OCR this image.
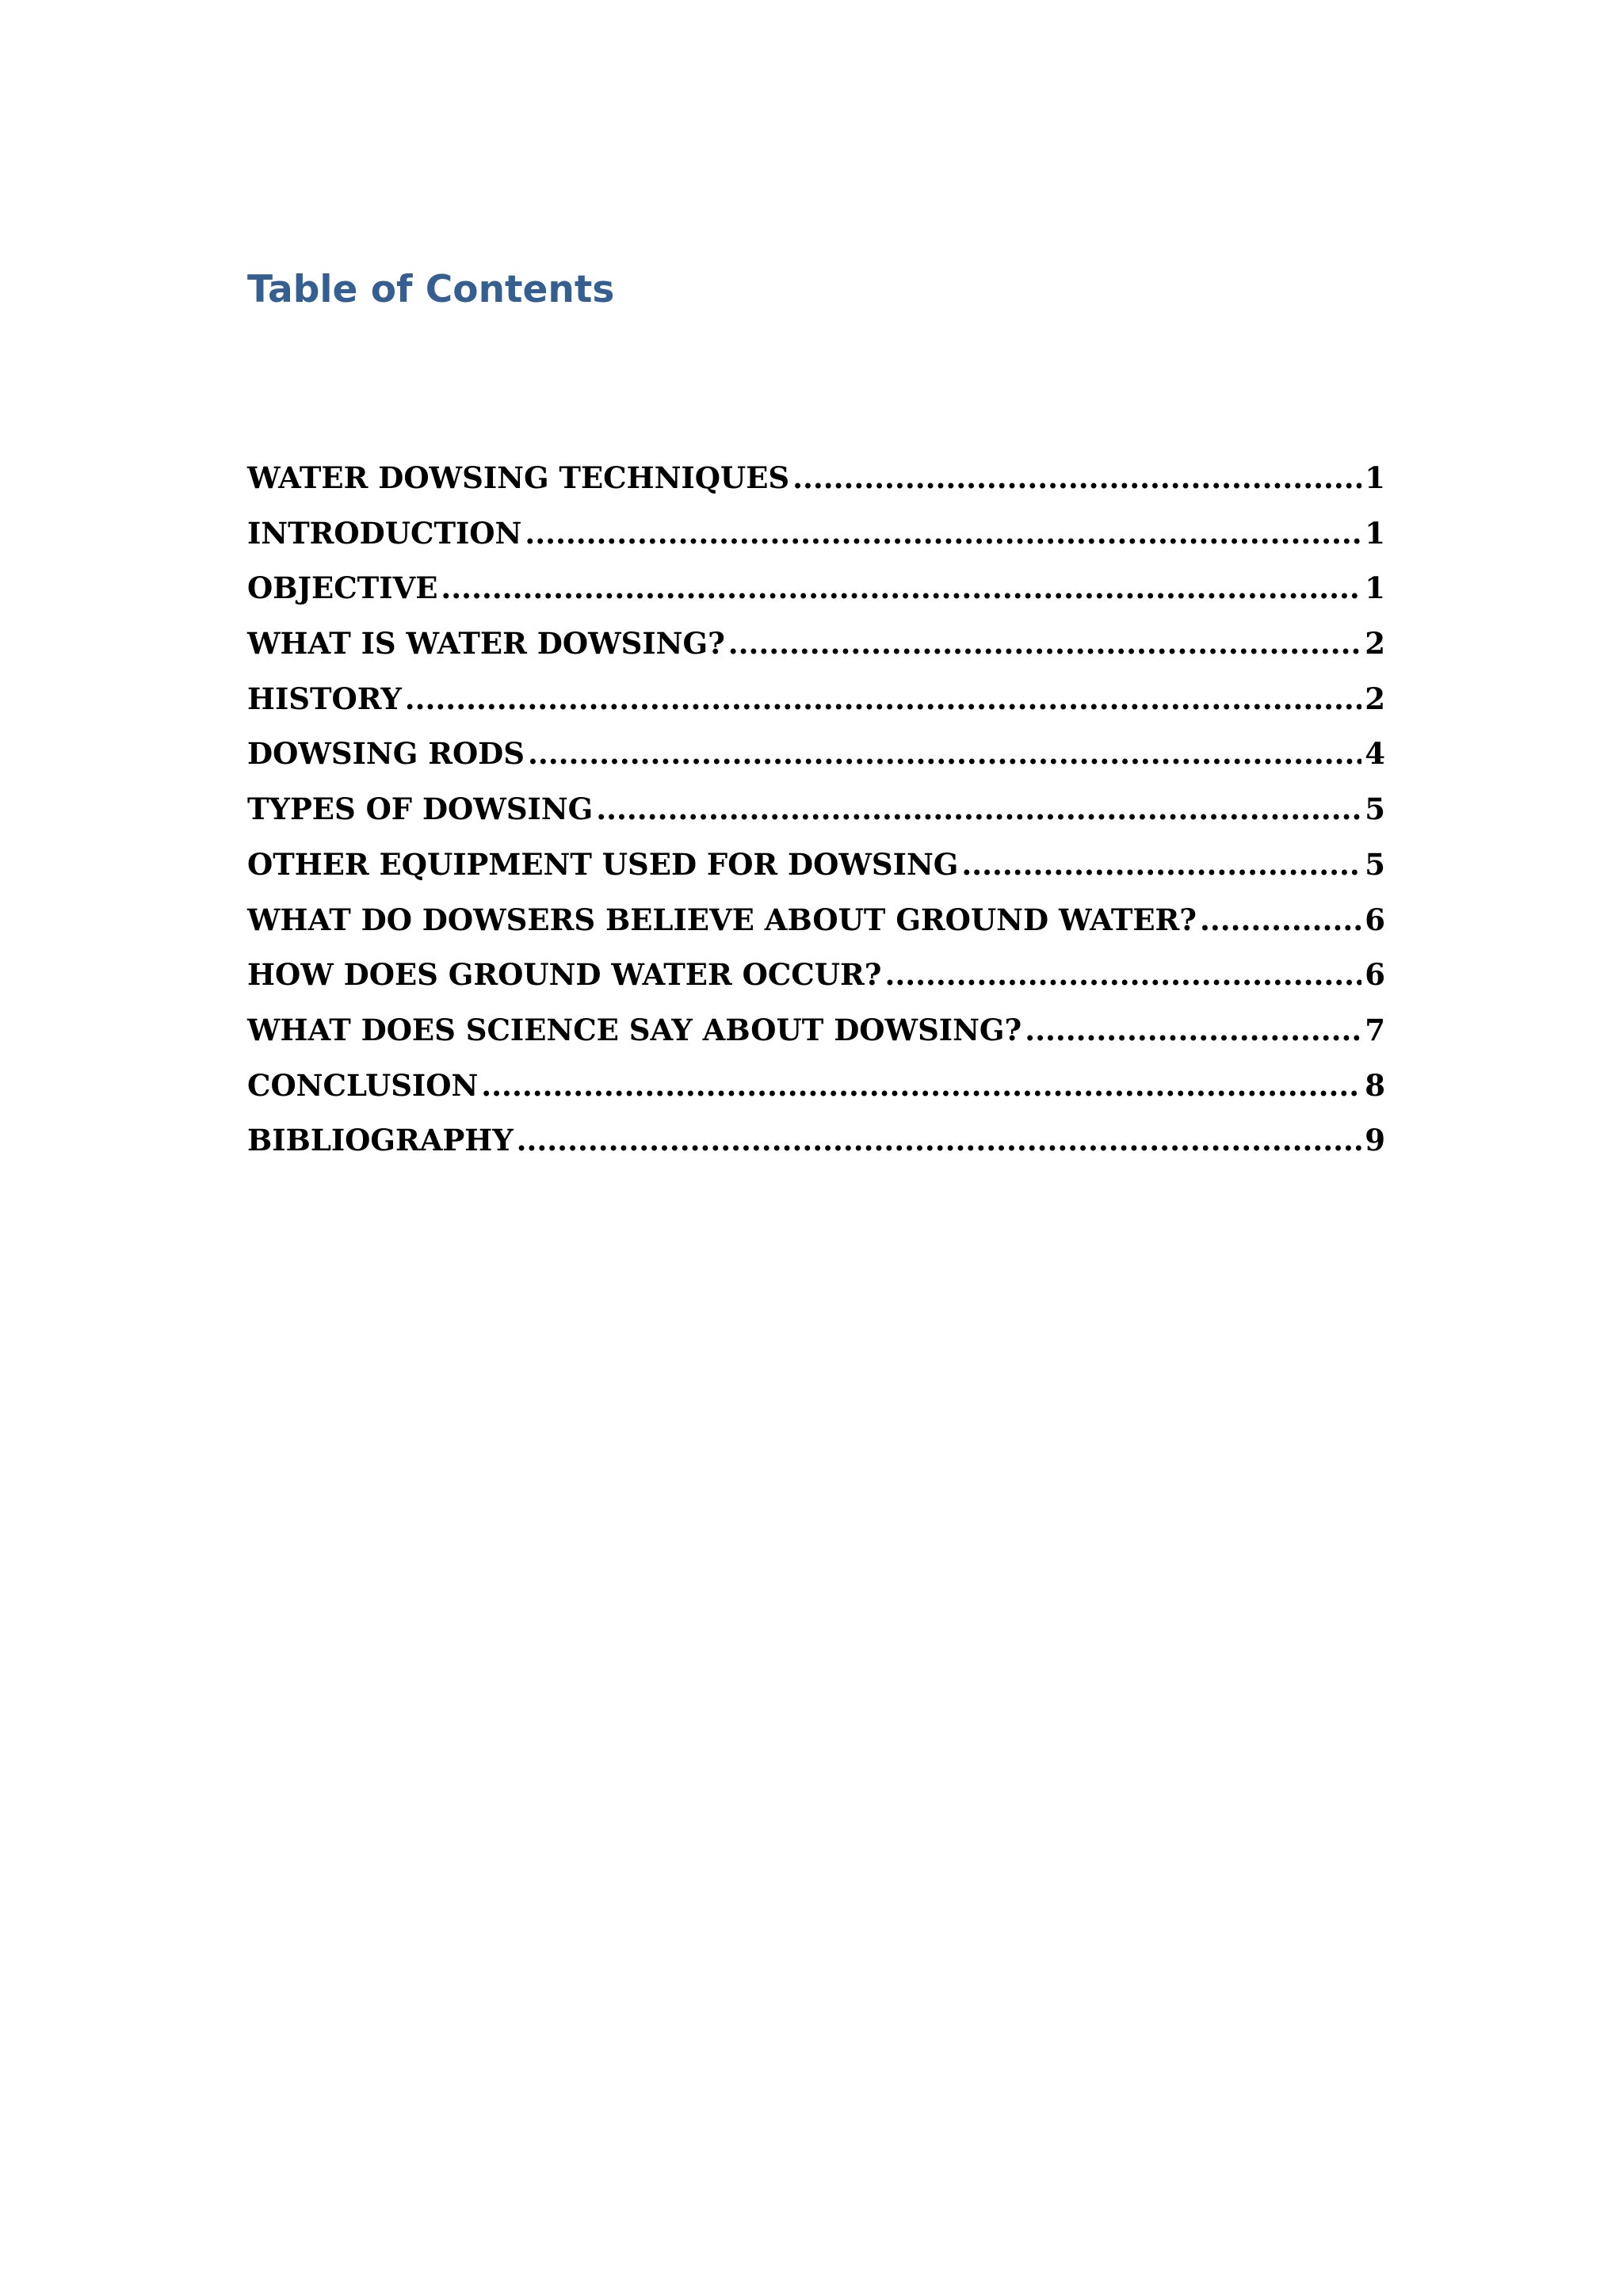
Table of Contents
WATER DOWSING TECHNIQUES .....	1
INTRODUCTION .....	1
OBJECTIVE .....	1
WHAT IS WATER DOWSING? .....	2
HISTORY .....	2
DOWSING RODS .....	4
TYPES OF DOWSING .....	5
OTHER EQUIPMENT USED FOR DOWSING .....	5
WHAT DO DOWSERS BELIEVE ABOUT GROUND WATER? .....	6
HOW DOES GROUND WATER OCCUR? .....	6
WHAT DOES SCIENCE SAY ABOUT DOWSING? .....	7
CONCLUSION .....	8
BIBLIOGRAPHY .....	9
